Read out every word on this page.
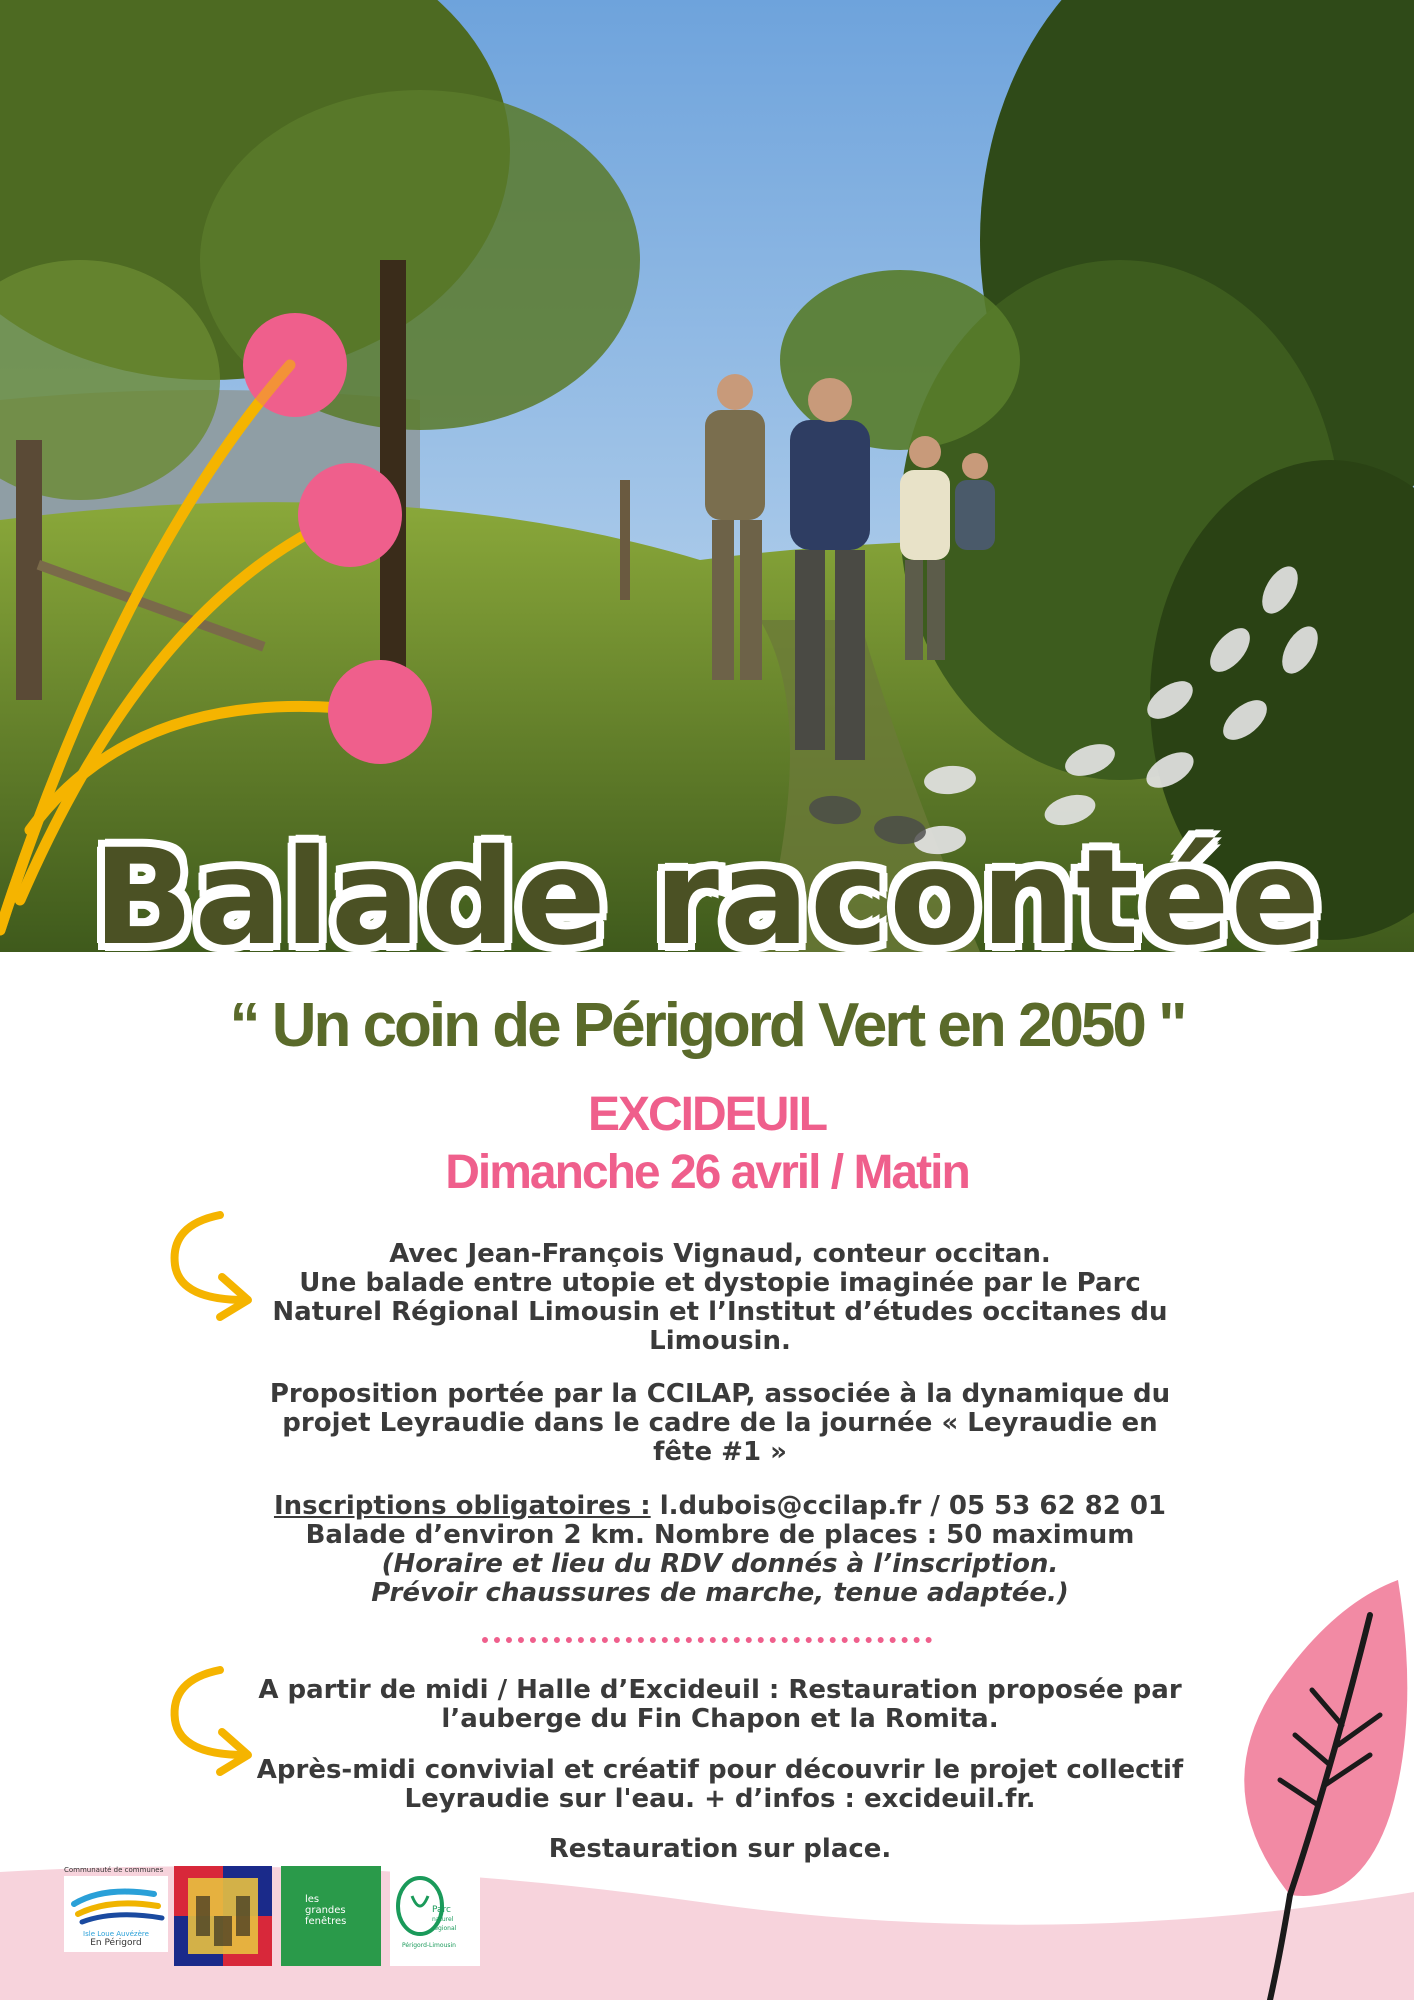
Balade racontée
“ Un coin de Périgord Vert en 2050 "
EXCIDEUIL
Dimanche 26 avril / Matin

Avec Jean-François Vignaud, conteur occitan.

Une balade entre utopie et dystopie imaginée par le Parc Naturel Régional Limousin et l’Institut d’études occitanes du Limousin.

Proposition portée par la CCILAP, associée à la dynamique du projet Leyraudie dans le cadre de la journée « Leyraudie en fête #1 »

Inscriptions obligatoires : l.dubois@ccilap.fr / 05 53 62 82 01

Balade d’environ 2 km. Nombre de places : 50 maximum

(Horaire et lieu du RDV donnés à l’inscription.

Prévoir chaussures de marche, tenue adaptée.)

A partir de midi / Halle d’Excideuil : Restauration proposée par l’auberge du Fin Chapon et la Romita.

Après-midi convivial et créatif pour découvrir le projet collectif Leyraudie sur l'eau. + d’infos : excideuil.fr.

Restauration sur place.

Communauté de communes
Isle Loue Auvézère
En Périgord
les
grandes
fenêtres
Parc
naturel
régional
Périgord-Limousin
